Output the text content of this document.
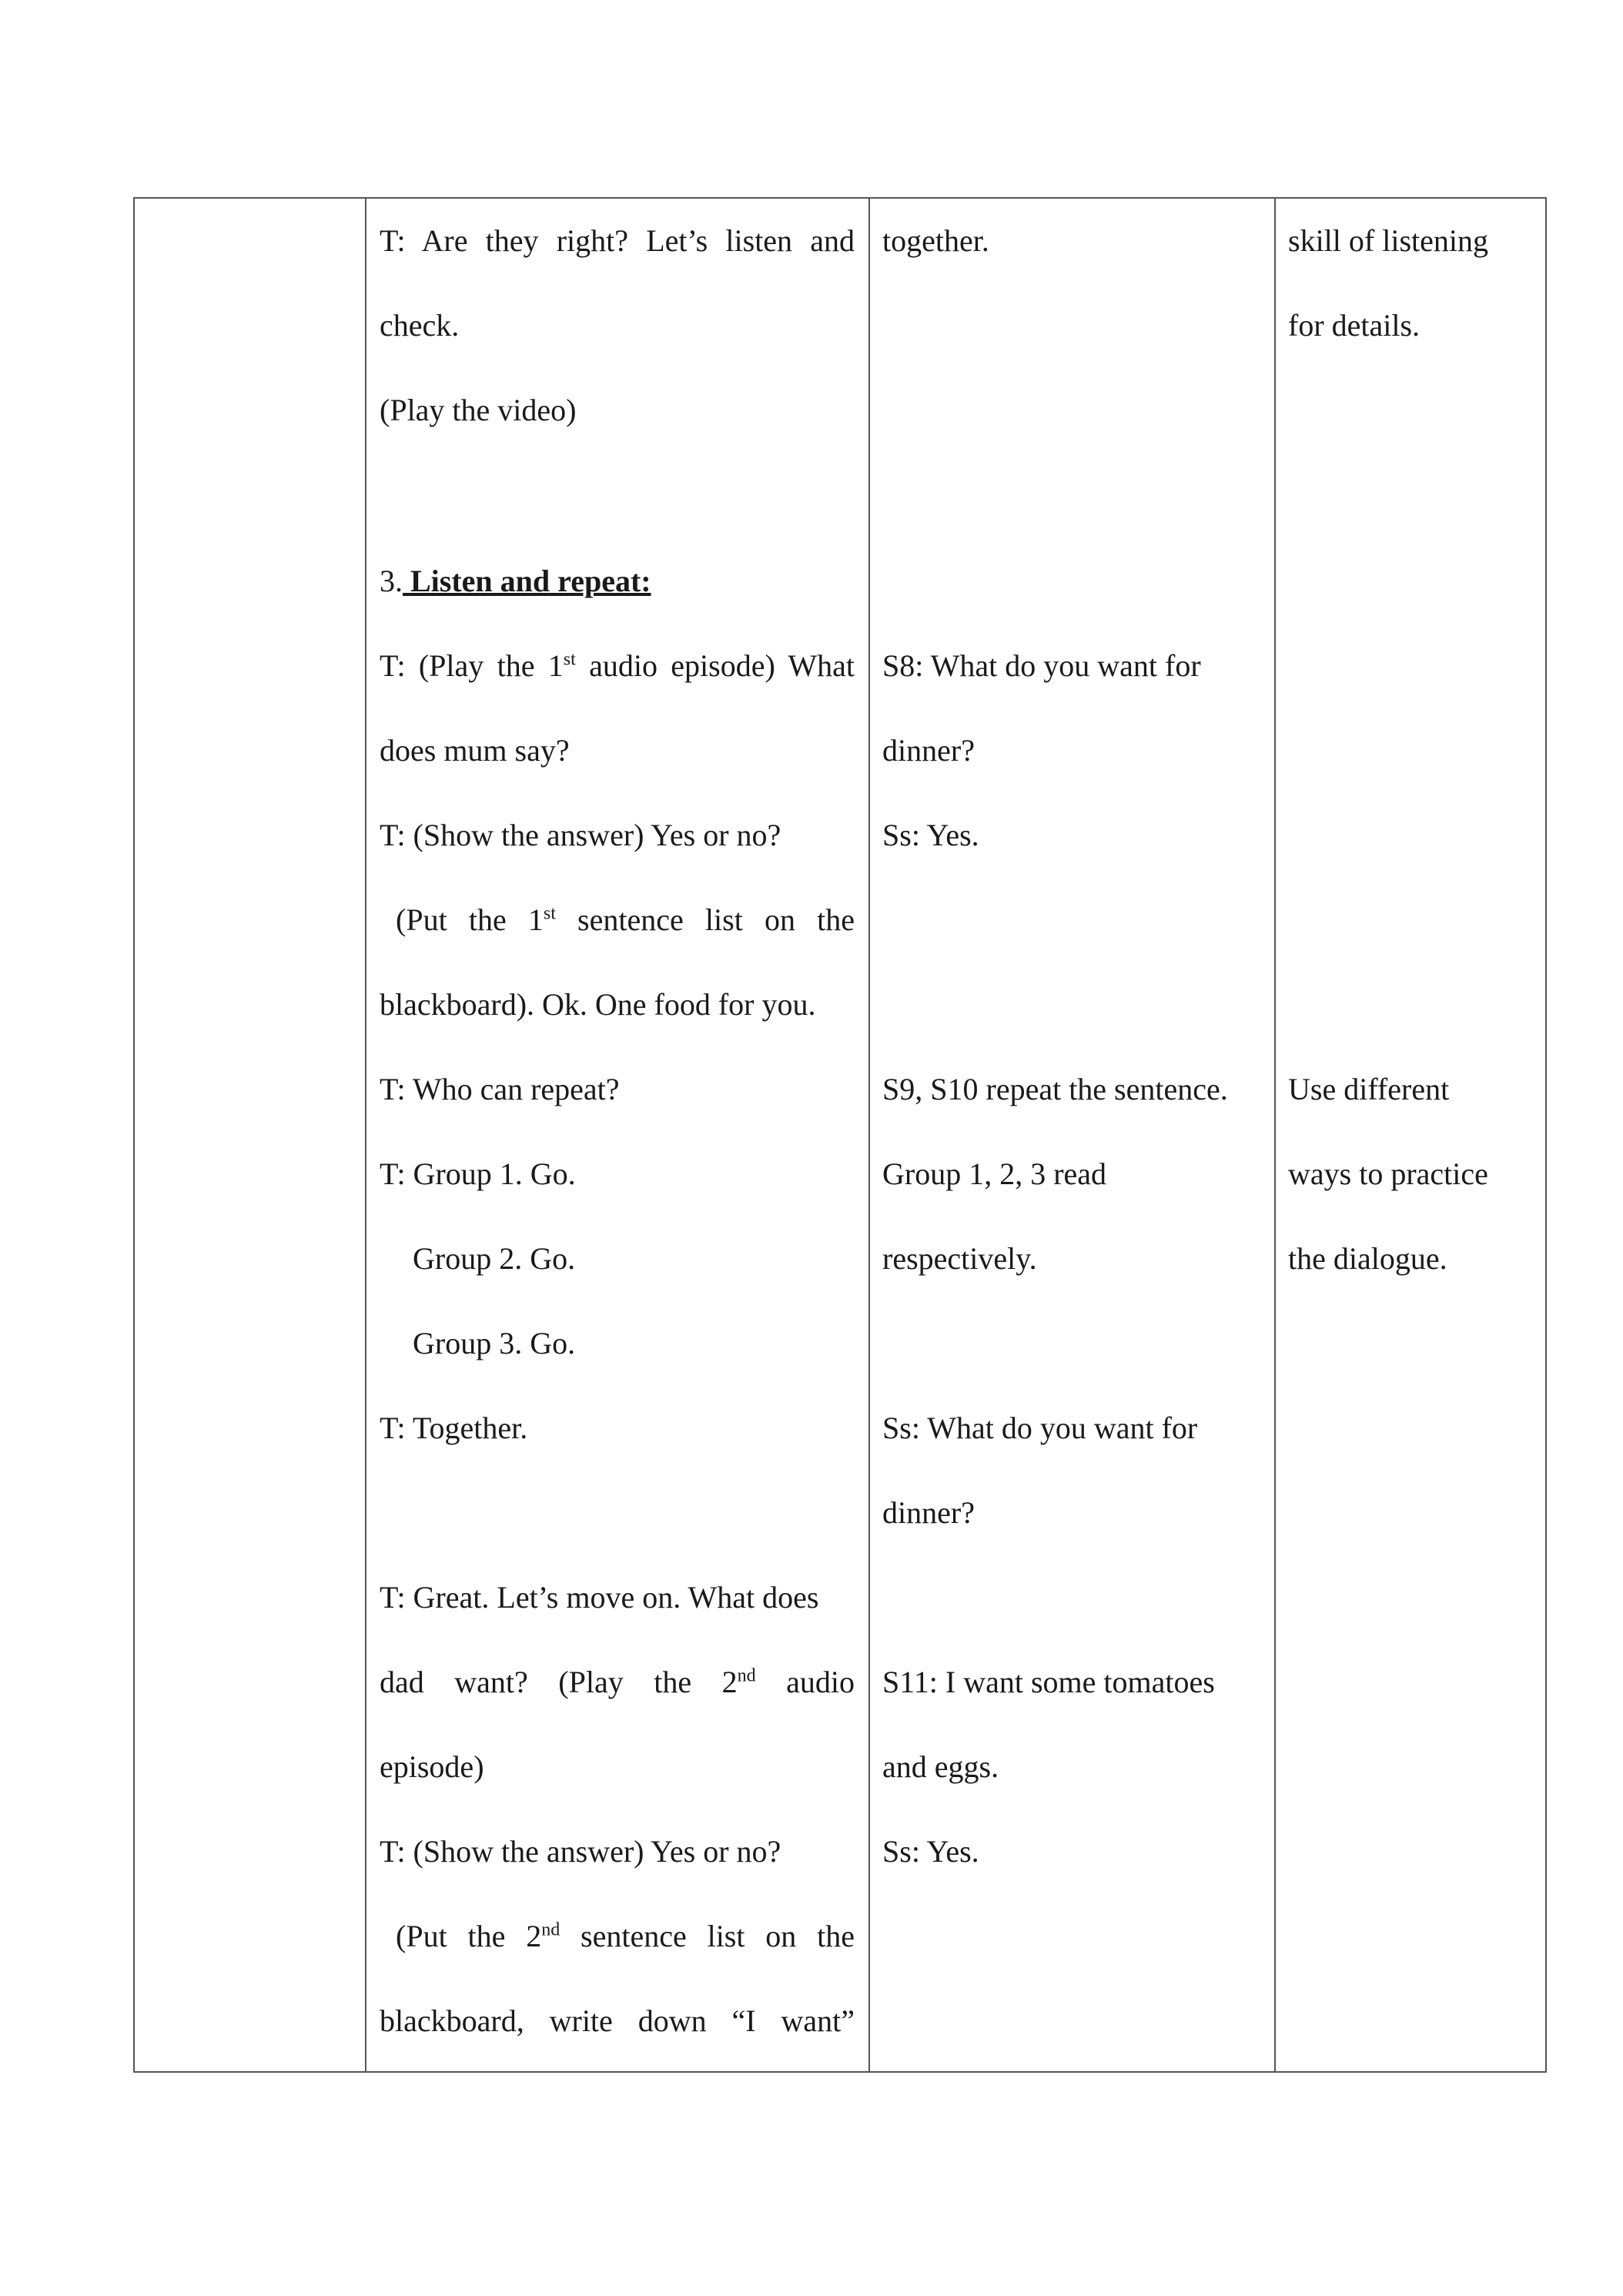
T: Are they right? Let’s listen and
check.
(Play the video)
3. Listen and repeat:
T: (Play the 1st audio episode) What
does mum say?
T: (Show the answer) Yes or no?
(Put the 1st sentence list on the
blackboard). Ok. One food for you.
T: Who can repeat?
T: Group 1. Go.
Group 2. Go.
Group 3. Go.
T: Together.
T: Great. Let’s move on. What does
dad want? (Play the 2nd audio
episode)
T: (Show the answer) Yes or no?
(Put the 2nd sentence list on the
blackboard, write down “I want”
together.
S8: What do you want for
dinner?
Ss: Yes.
S9, S10 repeat the sentence.
Group 1, 2, 3 read
respectively.
Ss: What do you want for
dinner?
S11: I want some tomatoes
and eggs.
Ss: Yes.
skill of listening
for details.
Use different
ways to practice
the dialogue.
